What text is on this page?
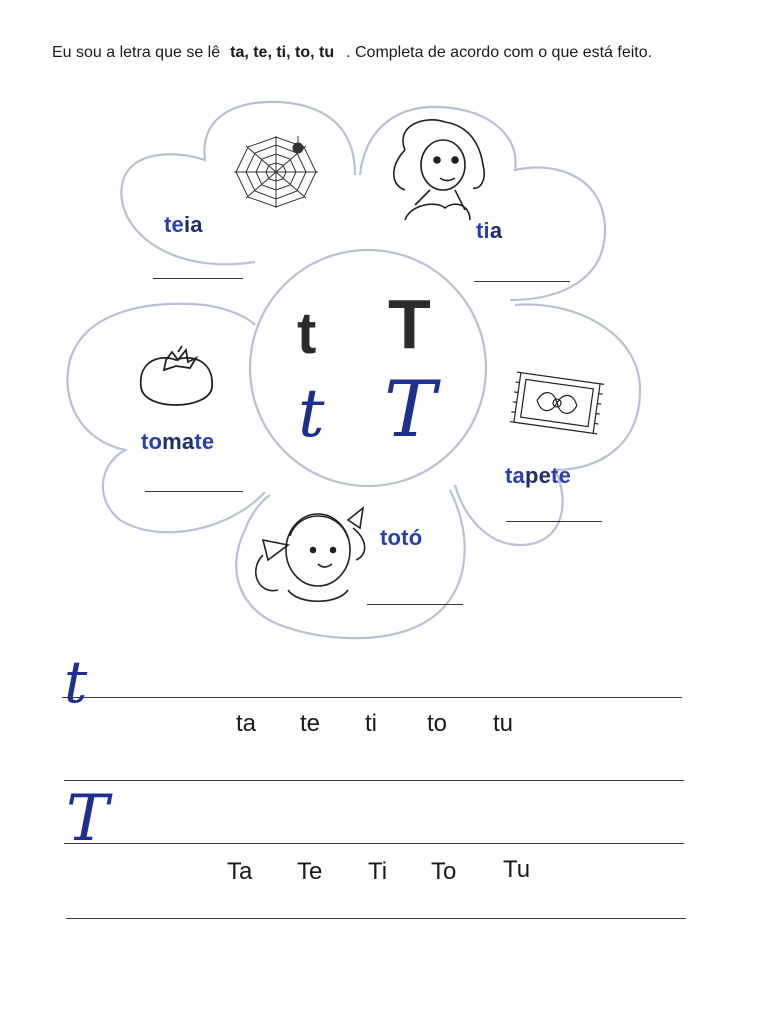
Eu sou a letra que se lê ta, te, ti, to, tu . Completa de acordo com o que está feito.
teia	tia
tomate
tapete
totó
t T
t T
t
ta te ti to tu
T
Ta Te Ti To Tu
